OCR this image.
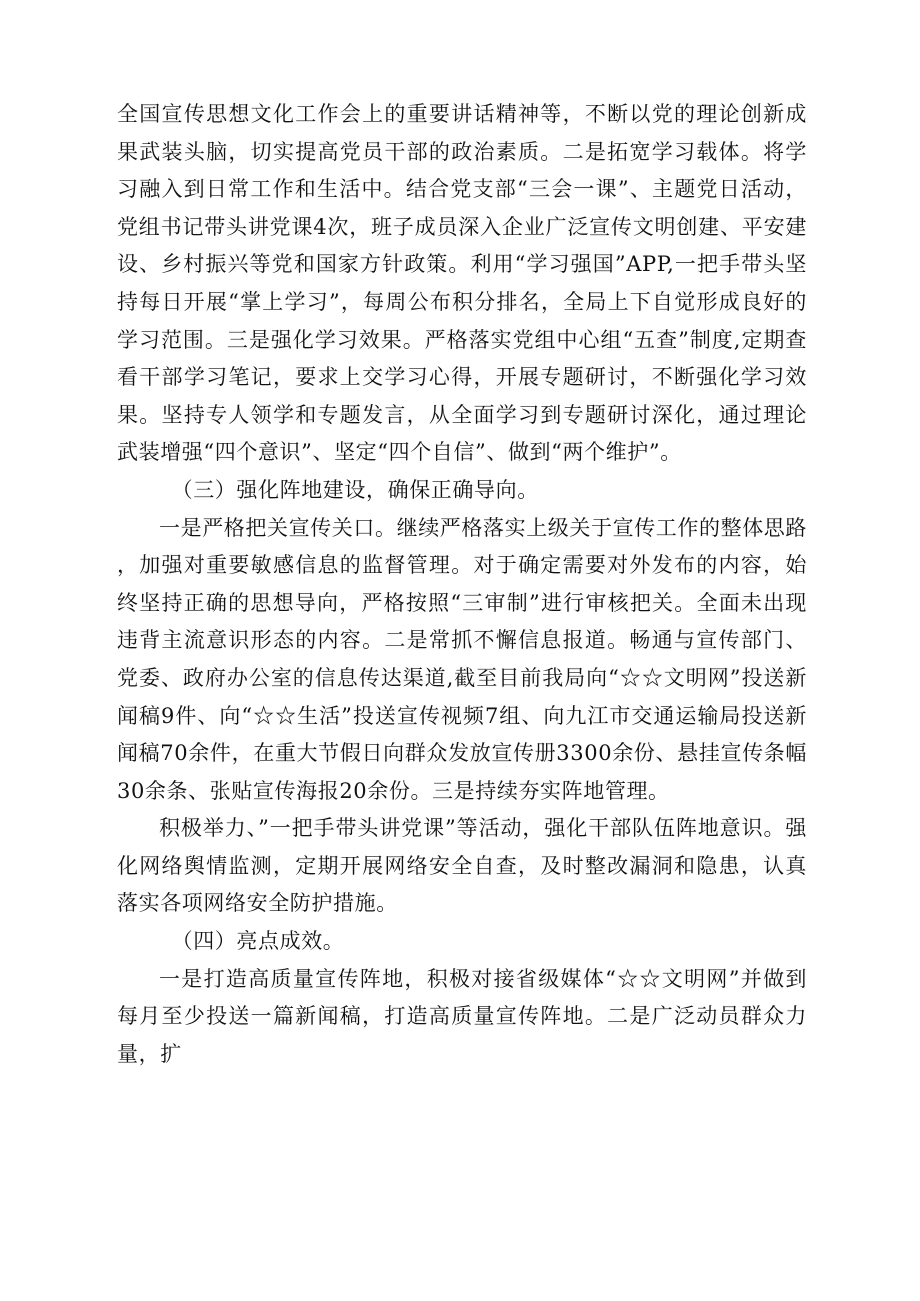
全国宣传思想文化工作会上的重要讲话精神等，不断以党的理论创新成果武装头脑，切实提高党员干部的政治素质。二是拓宽学习载体。将学习融入到日常工作和生活中。结合党支部“三会一课”、主题党日活动，党组书记带头讲党课4次，班子成员深入企业广泛宣传文明创建、平安建设、乡村振兴等党和国家方针政策。利用“学习强国”APP,一把手带头坚持每日开展“掌上学习”，每周公布积分排名，全局上下自觉形成良好的学习范围。三是强化学习效果。严格落实党组中心组“五查”制度,定期查看干部学习笔记，要求上交学习心得，开展专题研讨，不断强化学习效果。坚持专人领学和专题发言，从全面学习到专题研讨深化，通过理论武装增强“四个意识”、坚定“四个自信”、做到“两个维护”。

（三）强化阵地建设，确保正确导向。

一是严格把关宣传关口。继续严格落实上级关于宣传工作的整体思路，加强对重要敏感信息的监督管理。对于确定需要对外发布的内容，始终坚持正确的思想导向，严格按照“三审制”进行审核把关。全面未出现违背主流意识形态的内容。二是常抓不懈信息报道。畅通与宣传部门、党委、政府办公室的信息传达渠道,截至目前我局向“☆☆文明网”投送新闻稿9件、向“☆☆生活”投送宣传视频7组、向九江市交通运输局投送新闻稿70余件，在重大节假日向群众发放宣传册3300余份、悬挂宣传条幅30余条、张贴宣传海报20余份。三是持续夯实阵地管理。

积极举力、”一把手带头讲党课”等活动，强化干部队伍阵地意识。强化网络舆情监测，定期开展网络安全自查，及时整改漏洞和隐患，认真落实各项网络安全防护措施。

（四）亮点成效。

一是打造高质量宣传阵地，积极对接省级媒体“☆☆文明网”并做到每月至少投送一篇新闻稿，打造高质量宣传阵地。二是广泛动员群众力量，扩
